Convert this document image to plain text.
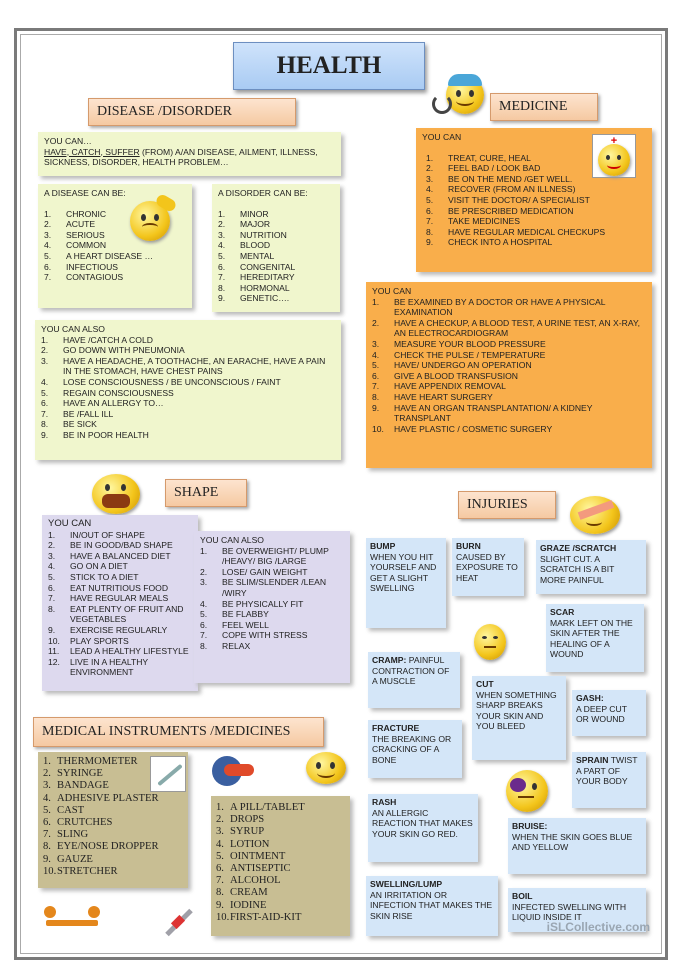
HEALTH
DISEASE /DISORDER	MEDICINE
SHAPE
INJURIES
MEDICAL INSTRUMENTS /MEDICINES
YOU CAN…
HAVE, CATCH, SUFFER (FROM) A/AN DISEASE, AILMENT, ILLNESS,
SICKNESS, DISORDER, HEALTH PROBLEM…
A DISEASE CAN BE:
1.	CHRONIC
2.	ACUTE
3.	SERIOUS
4.	COMMON
5.	A HEART DISEASE …
6.	INFECTIOUS
7.	CONTAGIOUS
A DISORDER CAN BE:
1.	MINOR
2.	MAJOR
3.	NUTRITION
4.	BLOOD
5.	MENTAL
6.	CONGENITAL
7.	HEREDITARY
8.	HORMONAL
9.	GENETIC….
YOU CAN ALSO
1.	HAVE /CATCH A COLD
2.	GO DOWN WITH PNEUMONIA
3.	HAVE A HEADACHE, A TOOTHACHE, AN EARACHE, HAVE A PAIN IN THE STOMACH, HAVE CHEST PAINS
4.	LOSE CONSCIOUSNESS / BE UNCONSCIOUS / FAINT
5.	REGAIN CONSCIOUSNESS
6.	HAVE AN ALLERGY TO…
7.	BE /FALL ILL
8.	BE SICK
9.	BE IN POOR HEALTH
YOU CAN
1.	TREAT, CURE, HEAL
2.	FEEL BAD / LOOK BAD
3.	BE ON THE MEND /GET WELL.
4.	RECOVER (FROM AN ILLNESS)
5.	VISIT THE DOCTOR/ A SPECIALIST
6.	BE PRESCRIBED MEDICATION
7.	TAKE MEDICINES
8.	HAVE REGULAR MEDICAL CHECKUPS
9.	CHECK INTO A HOSPITAL
+
YOU CAN
1.	BE EXAMINED BY A DOCTOR OR HAVE A PHYSICAL EXAMINATION
2.	HAVE A CHECKUP, A BLOOD TEST, A URINE TEST, AN X-RAY, AN ELECTROCARDIOGRAM
3.	MEASURE YOUR BLOOD PRESSURE
4.	CHECK THE PULSE / TEMPERATURE
5.	HAVE/ UNDERGO AN OPERATION
6.	GIVE A BLOOD TRANSFUSION
7.	HAVE APPENDIX REMOVAL
8.	HAVE HEART SURGERY
9.	HAVE AN ORGAN TRANSPLANTATION/ A KIDNEY TRANSPLANT
10.	HAVE PLASTIC / COSMETIC SURGERY
YOU CAN
1.	IN/OUT OF SHAPE
2.	BE IN GOOD/BAD SHAPE
3.	HAVE A BALANCED DIET
4.	GO ON A DIET
5.	STICK TO A DIET
6.	EAT NUTRITIOUS FOOD
7.	HAVE REGULAR MEALS
8.	EAT PLENTY OF FRUIT AND VEGETABLES
9.	EXERCISE REGULARLY
10.	PLAY SPORTS
11.	LEAD A HEALTHY LIFESTYLE
12.	LIVE IN A HEALTHY ENVIRONMENT
YOU CAN ALSO
1.	BE OVERWEIGHT/ PLUMP /HEAVY/ BIG /LARGE
2.	LOSE/ GAIN WEIGHT
3.	BE SLIM/SLENDER /LEAN /WIRY
4.	BE PHYSICALLY FIT
5.	BE FLABBY
6.	FEEL WELL
7.	COPE WITH STRESS
8.	RELAX
BUMP
WHEN YOU HIT YOURSELF AND GET A SLIGHT SWELLING
BURN
CAUSED BY EXPOSURE TO HEAT
GRAZE /SCRATCH
SLIGHT CUT. A SCRATCH IS A BIT MORE PAINFUL
SCAR
MARK LEFT ON THE SKIN AFTER THE HEALING OF A WOUND
CRAMP: PAINFUL CONTRACTION OF A MUSCLE	CUT
WHEN SOMETHING SHARP BREAKS YOUR SKIN AND YOU BLEED
GASH:
A DEEP CUT OR WOUND
FRACTURE
THE BREAKING OR CRACKING OF A BONE	SPRAIN TWIST A PART OF YOUR BODY
RASH
AN ALLERGIC REACTION THAT MAKES YOUR SKIN GO RED.
BRUISE:
WHEN THE SKIN GOES BLUE AND YELLOW
SWELLING/LUMP
AN IRRITATION OR INFECTION THAT MAKES THE SKIN RISE
BOIL
INFECTED SWELLING WITH LIQUID INSIDE IT
1. THERMOMETER
2. SYRINGE
3. BANDAGE
4. ADHESIVE PLASTER
5. CAST
6. CRUTCHES
7. SLING
8. EYE/NOSE DROPPER
9. GAUZE
10. STRETCHER
1. A PILL/TABLET
2. DROPS
3. SYRUP
4. LOTION
5. OINTMENT
6. ANTISEPTIC
7. ALCOHOL
8. CREAM
9. IODINE
10. FIRST-AID-KIT
iSLCollective.com
